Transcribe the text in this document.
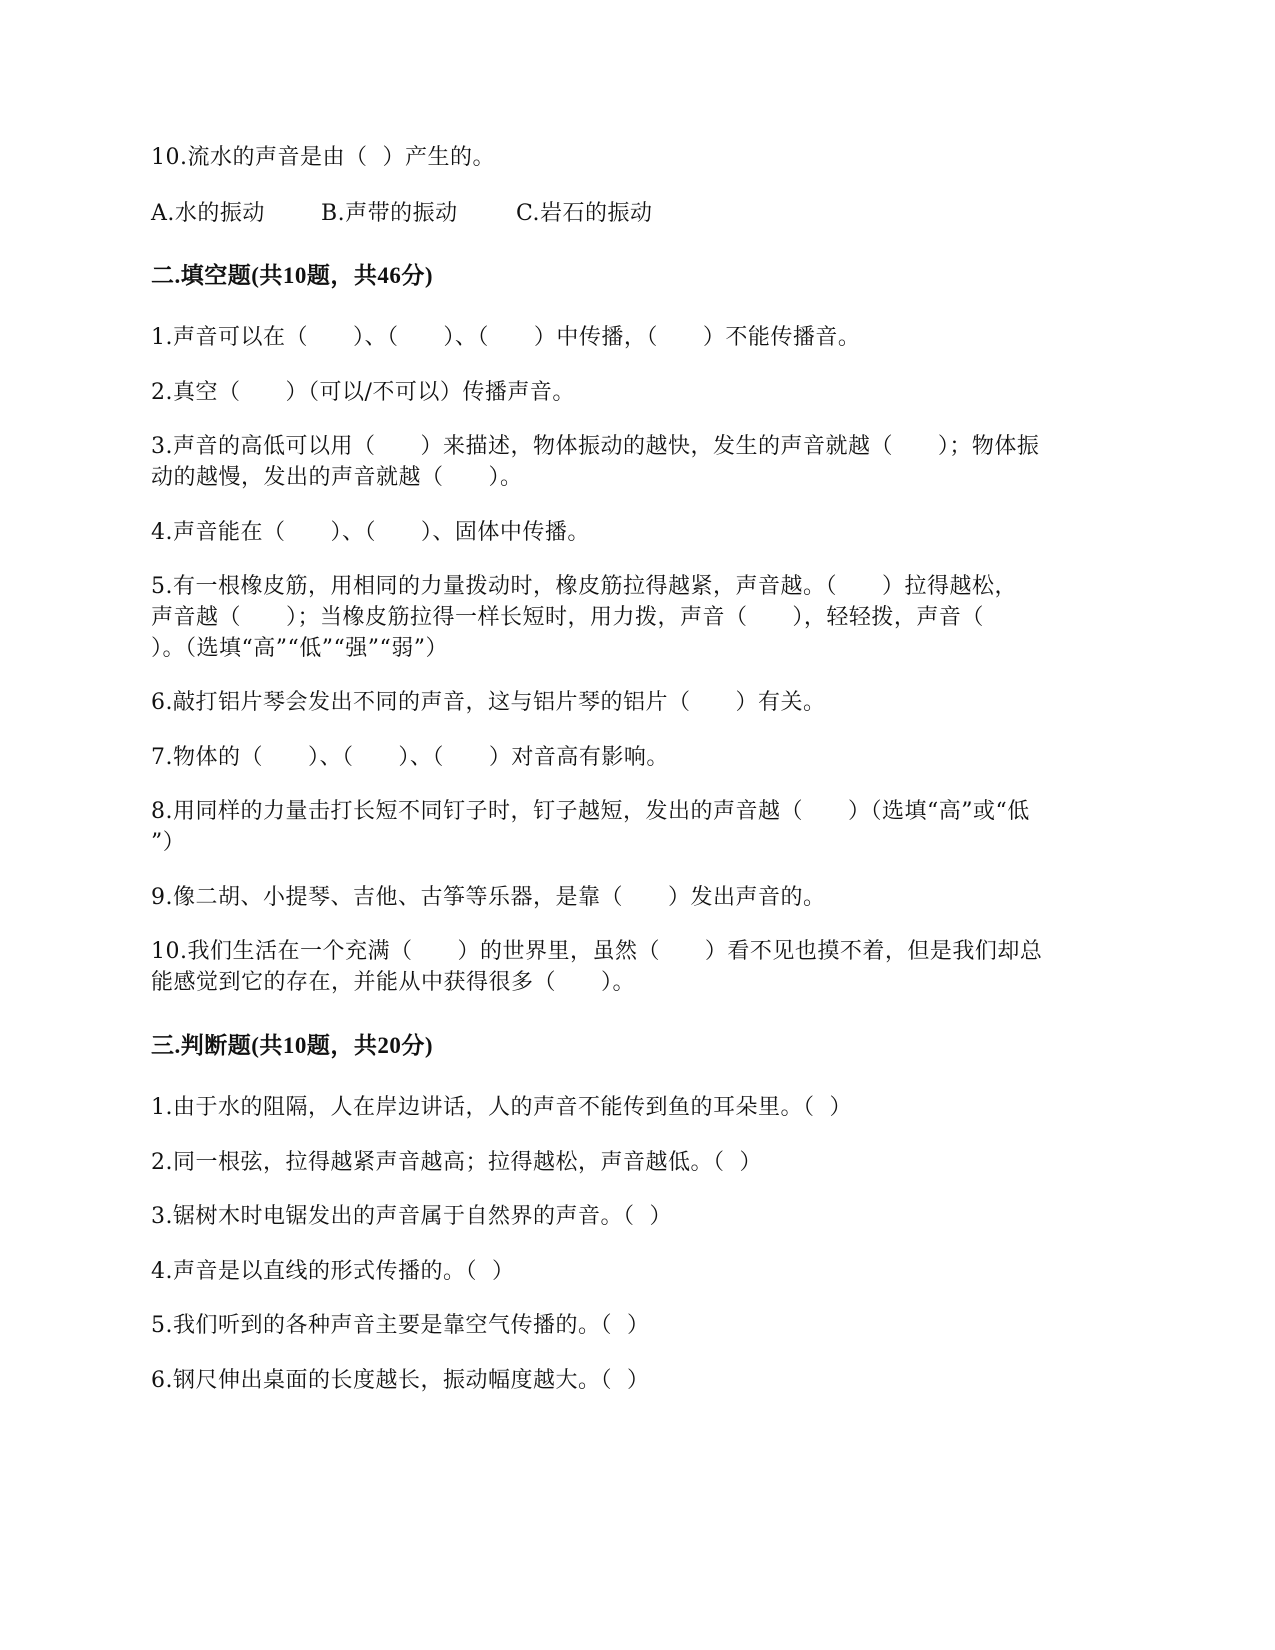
10.流水的声音是由（  ）产生的。
A.水的振动	B.声带的振动	C.岩石的振动
二.填空题(共10题，共46分)
1.声音可以在（      ）、（      ）、（      ）中传播，（      ）不能传播音。
2.真空（      ）（可以/不可以）传播声音。
3.声音的高低可以用（      ）来描述，物体振动的越快，发生的声音就越（      ）；物体振
动的越慢，发出的声音就越（      ）。
4.声音能在（      ）、（      ）、固体中传播。
5.有一根橡皮筋，用相同的力量拨动时，橡皮筋拉得越紧，声音越。（      ）拉得越松，
声音越（      ）；当橡皮筋拉得一样长短时，用力拨，声音（      ），轻轻拨，声音（
）。（选填“高”“低”“强”“弱”）
6.敲打铝片琴会发出不同的声音，这与铝片琴的铝片（      ）有关。
7.物体的（      ）、（      ）、（      ）对音高有影响。
8.用同样的力量击打长短不同钉子时，钉子越短，发出的声音越（      ）（选填“高”或“低
”）
9.像二胡、小提琴、吉他、古筝等乐器，是靠（      ）发出声音的。
10.我们生活在一个充满（      ）的世界里，虽然（      ）看不见也摸不着，但是我们却总
能感觉到它的存在，并能从中获得很多（      ）。
三.判断题(共10题，共20分)
1.由于水的阻隔，人在岸边讲话，人的声音不能传到鱼的耳朵里。（  ）
2.同一根弦，拉得越紧声音越高；拉得越松，声音越低。（  ）
3.锯树木时电锯发出的声音属于自然界的声音。（  ）
4.声音是以直线的形式传播的。（  ）
5.我们听到的各种声音主要是靠空气传播的。（  ）
6.钢尺伸出桌面的长度越长，振动幅度越大。（  ）
